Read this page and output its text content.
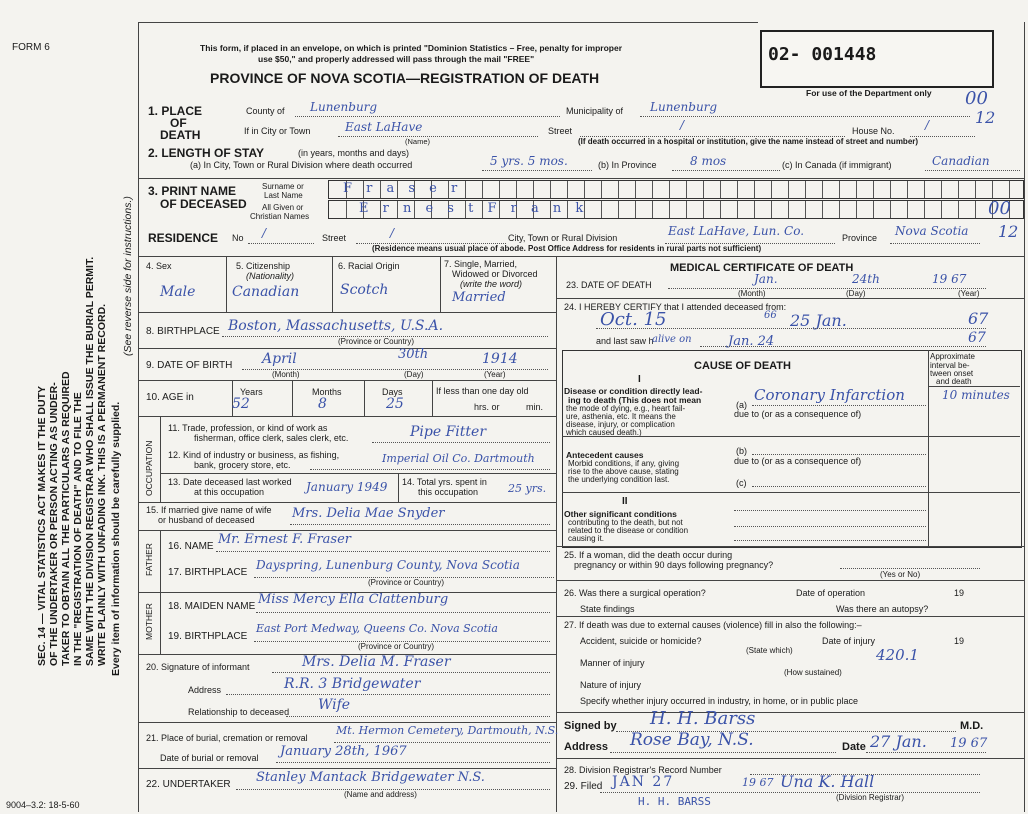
FORM 6
SEC. 14 — VITAL STATISTICS ACT MAKES IT THE DUTY OF THE UNDERTAKER OR PERSON ACTING AS UNDER- TAKER TO OBTAIN ALL THE PARTICULARS AS REQUIRED IN THE "REGISTRATION OF DEATH" AND TO FILE THE SAME WITH THE DIVISION REGISTRAR WHO SHALL ISSUE THE BURIAL PERMIT. WRITE PLAINLY WITH UNFADING INK. THIS IS A PERMANENT RECORD. Every item of information should be carefully supplied.
(See reverse side for instructions.)
9004–3.2: 18-5-60
This form, if placed in an envelope, on which is printed "Dominion Statistics – Free, penalty for improper
use $50," and properly addressed will pass through the mail "FREE"
PROVINCE OF NOVA SCOTIA—REGISTRATION OF DEATH
02- 001448
For use of the Department only 00
12
1. PLACE
OF
DEATH
County of Lunenburg	Municipality of Lunenburg
If in City or Town	East LaHave
(Name)
Street	/	House No.	/
(If death occurred in a hospital or institution, give the name instead of street and number)
2. LENGTH OF STAY	(in years, months and days)
(a) In City, Town or Rural Division where death occurred	5 yrs. 5 mos.	(b) In Province	8 mos	(c) In Canada (if immigrant)	Canadian
3. PRINT NAME
OF DECEASED
Surname or
Last Name
All Given or
Christian Names
F r a s e r
E r n e s t F r a n k	00
RESIDENCE No /	Street	/	City, Town or Rural Division	East LaHave, Lun. Co.	Province Nova Scotia 12
(Residence means usual place of abode. Post Office Address for residents in rural parts not sufficient)
4. Sex
Male
5. Citizenship
(Nationality)
Canadian
6. Racial Origin
Scotch
7. Single, Married,
Widowed or Divorced
(write the word)
Married
8. BIRTHPLACE Boston, Massachusetts, U.S.A.
(Province or Country)
9. DATE OF BIRTH April	30th	1914
(Month)	(Day)	(Year)
10. AGE in	Years
52
Months
8
Days
25
If less than one day old
hrs. or	min.
OCCUPATION
11. Trade, profession, or kind of work as
fisherman, office clerk, sales clerk, etc.	Pipe Fitter
12. Kind of industry or business, as fishing,
bank, grocery store, etc.	Imperial Oil Co. Dartmouth
13. Date deceased last worked
at this occupation	January 1949 14. Total yrs. spent in
this occupation	25 yrs.
15. If married give name of wife
or husband of deceased	Mrs. Delia Mae Snyder
FATHER 16. NAME Mr. Ernest F. Fraser
17. BIRTHPLACE
Dayspring, Lunenburg County, Nova Scotia
(Province or Country)
MOTHER 18. MAIDEN NAME Miss Mercy Ella Clattenburg
19. BIRTHPLACE
East Port Medway, Queens Co. Nova Scotia
(Province or Country)
20. Signature of informant	Mrs. Delia M. Fraser
Address	R.R. 3 Bridgewater
Relationship to deceased Wife
21. Place of burial, cremation or removal
Mt. Hermon Cemetery, Dartmouth, N.S.
Date of burial or removal January 28th, 1967
22. UNDERTAKER Stanley Mantack Bridgewater N.S.
(Name and address)
MEDICAL CERTIFICATE OF DEATH
23. DATE OF DEATH	Jan.	24th	19 67
(Month)	(Day)	(Year)
24. I HEREBY CERTIFY that I attended deceased from:
Oct. 15	66 25 Jan.	67
and last saw h
alive on	Jan. 24	67
CAUSE OF DEATH
Approximate
interval be-
tween onset
and death
I
Disease or condition directly lead-
ing to death (This does not mean
the mode of dying, e.g., heart fail-
ure, asthenia, etc. It means the
disease, injury, or complication
which caused death.)
(a)
Coronary Infarction	10 minutes
due to (or as a consequence of)
(b)
Antecedent causes
Morbid conditions, if any, giving
rise to the above cause, stating
the underlying condition last.
due to (or as a consequence of)
(c)
II
Other significant conditions
contributing to the death, but not
related to the disease or condition
causing it.
25. If a woman, did the death occur during
pregnancy or within 90 days following pregnancy?
(Yes or No)
26. Was there a surgical operation?	Date of operation	19
State findings	Was there an autopsy?
27. If death was due to external causes (violence) fill in also the following:–
Accident, suicide or homicide?	Date of injury	19
(State which)
Manner of injury	420.1
(How sustained)
Nature of injury
Specify whether injury occurred in industry, in home, or in public place
Signed by H. H. Barss	M.D.
Address Rose Bay, N.S.	Date 27 Jan. 19 67
28. Division Registrar's Record Number
29. Filed JAN 27	19 67 Una K. Hall
(Division Registrar)
H. H. BARSS
